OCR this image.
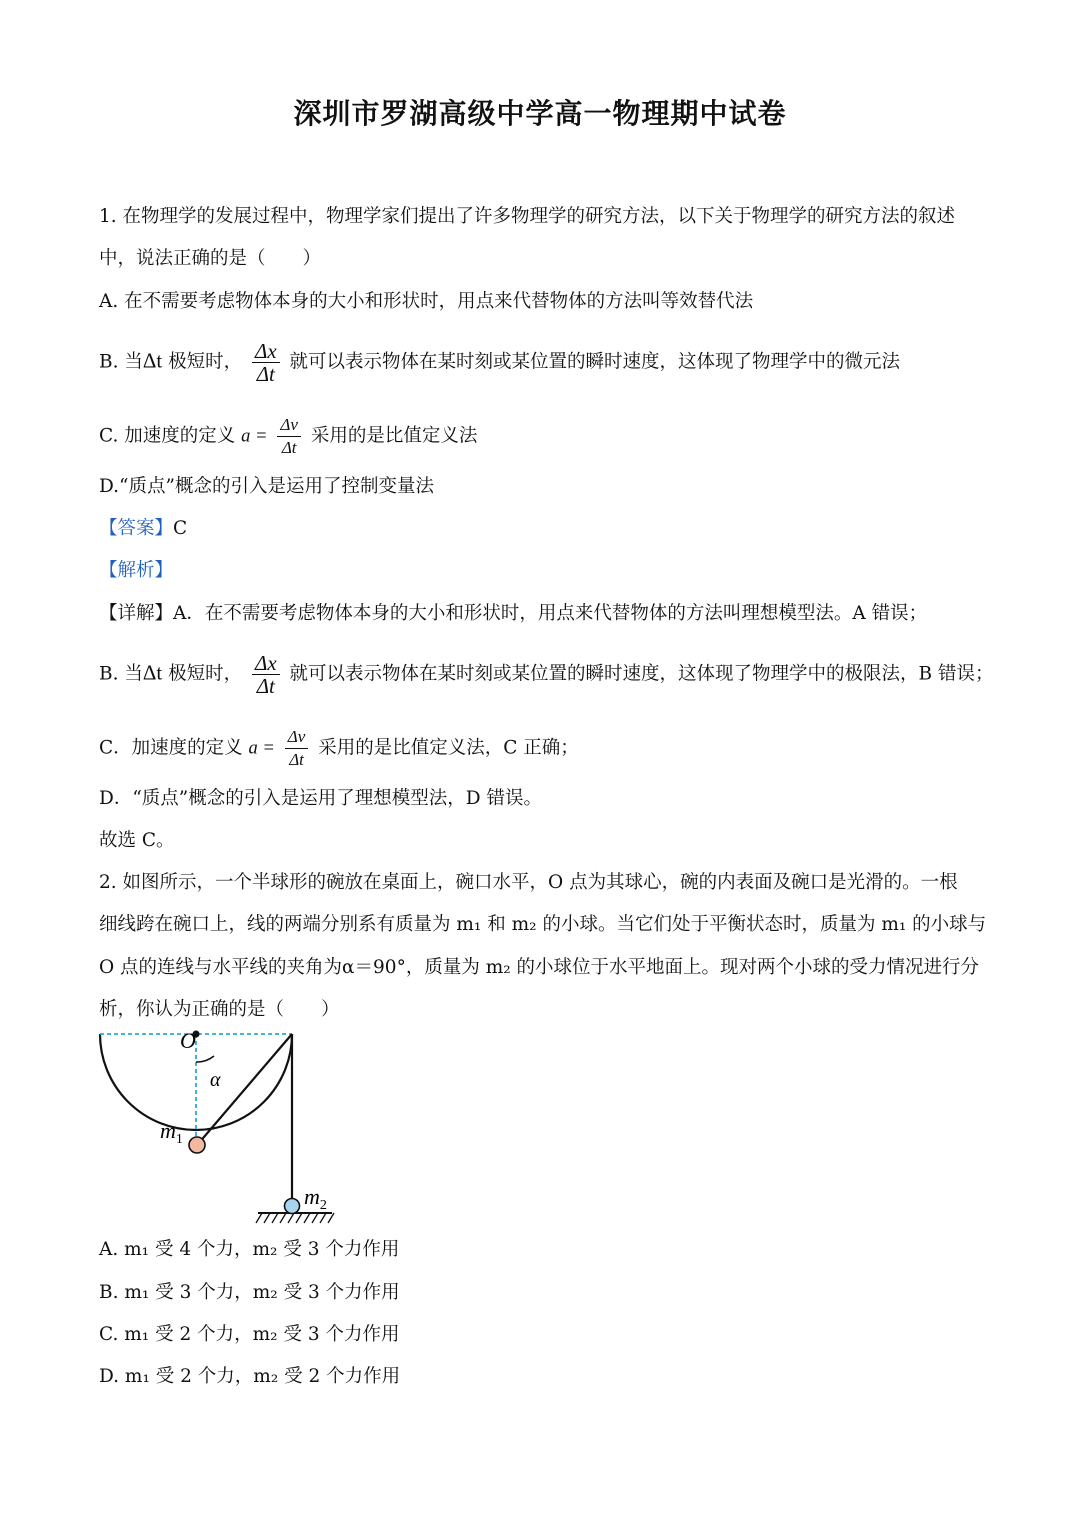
深圳市罗湖高级中学高一物理期中试卷
1. 在物理学的发展过程中，物理学家们提出了许多物理学的研究方法，以下关于物理学的研究方法的叙述
中，说法正确的是（　　）
A. 在不需要考虑物体本身的大小和形状时，用点来代替物体的方法叫等效替代法
B. 当Δt 极短时， $\frac{\Delta x}{\Delta t}$ 就可以表示物体在某时刻或某位置的瞬时速度，这体现了物理学中的微元法
C. 加速度的定义 $a = \frac{\Delta v}{\Delta t}$ 采用的是比值定义法
D.“质点”概念的引入是运用了控制变量法
【答案】C
【解析】
【详解】A．在不需要考虑物体本身的大小和形状时，用点来代替物体的方法叫理想模型法。A 错误；
B. 当Δt 极短时， $\frac{\Delta x}{\Delta t}$ 就可以表示物体在某时刻或某位置的瞬时速度，这体现了物理学中的极限法，B 错误；
C．加速度的定义 $a = \frac{\Delta v}{\Delta t}$ 采用的是比值定义法，C 正确；
D．“质点”概念的引入是运用了理想模型法，D 错误。
故选 C。
2. 如图所示，一个半球形的碗放在桌面上，碗口水平，O 点为其球心，碗的内表面及碗口是光滑的。一根
细线跨在碗口上，线的两端分别系有质量为 m₁ 和 m₂ 的小球。当它们处于平衡状态时，质量为 m₁ 的小球与
O 点的连线与水平线的夹角为α＝90°，质量为 m₂ 的小球位于水平地面上。现对两个小球的受力情况进行分
析，你认为正确的是（　　）
O
α
$m_1$
$m_2$
A. m₁ 受 4 个力，m₂ 受 3 个力作用
B. m₁ 受 3 个力，m₂ 受 3 个力作用
C. m₁ 受 2 个力，m₂ 受 3 个力作用
D. m₁ 受 2 个力，m₂ 受 2 个力作用
